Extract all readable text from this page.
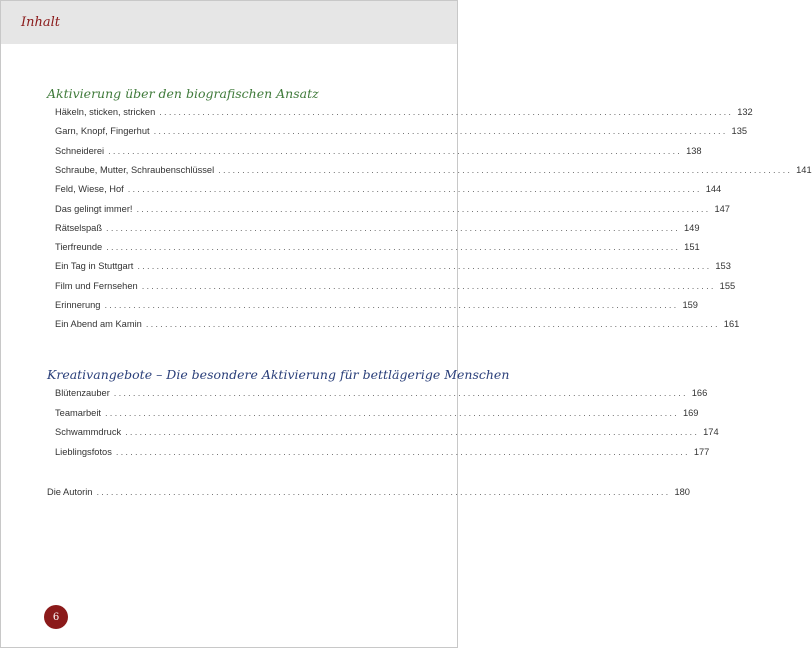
Inhalt
Aktivierung über den biografischen Ansatz
Häkeln, sticken, stricken ........................................................................................................................ 132
Garn, Knopf, Fingerhut ........................................................................................................................ 135
Schneiderei ........................................................................................................................ 138
Schraube, Mutter, Schraubenschlüssel ........................................................................................................................ 141
Feld, Wiese, Hof ........................................................................................................................ 144
Das gelingt immer! ........................................................................................................................ 147
Rätselspaß ........................................................................................................................ 149
Tierfreunde ........................................................................................................................ 151
Ein Tag in Stuttgart ........................................................................................................................ 153
Film und Fernsehen ........................................................................................................................ 155
Erinnerung ........................................................................................................................ 159
Ein Abend am Kamin ........................................................................................................................ 161
Kreativangebote – Die besondere Aktivierung für bettlägerige Menschen
Blütenzauber ........................................................................................................................ 166
Teamarbeit ........................................................................................................................ 169
Schwammdruck ........................................................................................................................ 174
Lieblingsfotos ........................................................................................................................ 177
Die Autorin ........................................................................................................................ 180
6
